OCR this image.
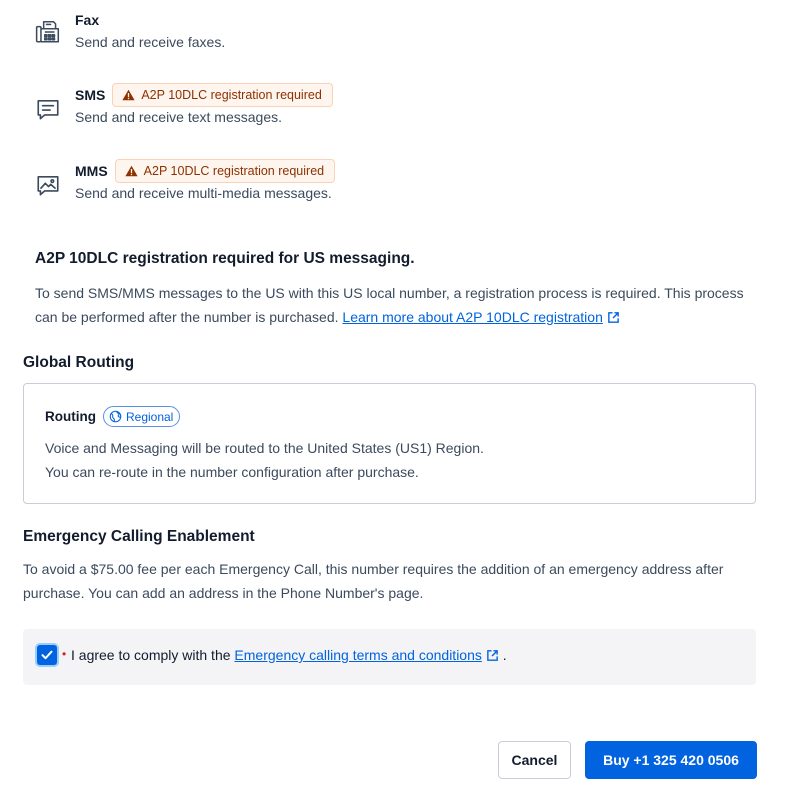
Fax
Send and receive faxes.
SMS	A2P 10DLC registration required
Send and receive text messages.
MMS	A2P 10DLC registration required
Send and receive multi-media messages.
A2P 10DLC registration required for US messaging.
To send SMS/MMS messages to the US with this US local number, a registration process is required. This process can be performed after the number is purchased. Learn more about A2P 10DLC registration
Global Routing
Routing	Regional
Voice and Messaging will be routed to the United States (US1) Region.
You can re-route in the number configuration after purchase.
Emergency Calling Enablement
To avoid a $75.00 fee per each Emergency Call, this number requires the addition of an emergency address after purchase. You can add an address in the Phone Number's page.
• I agree to comply with the Emergency calling terms and conditions .
Cancel	Buy +1 325 420 0506
